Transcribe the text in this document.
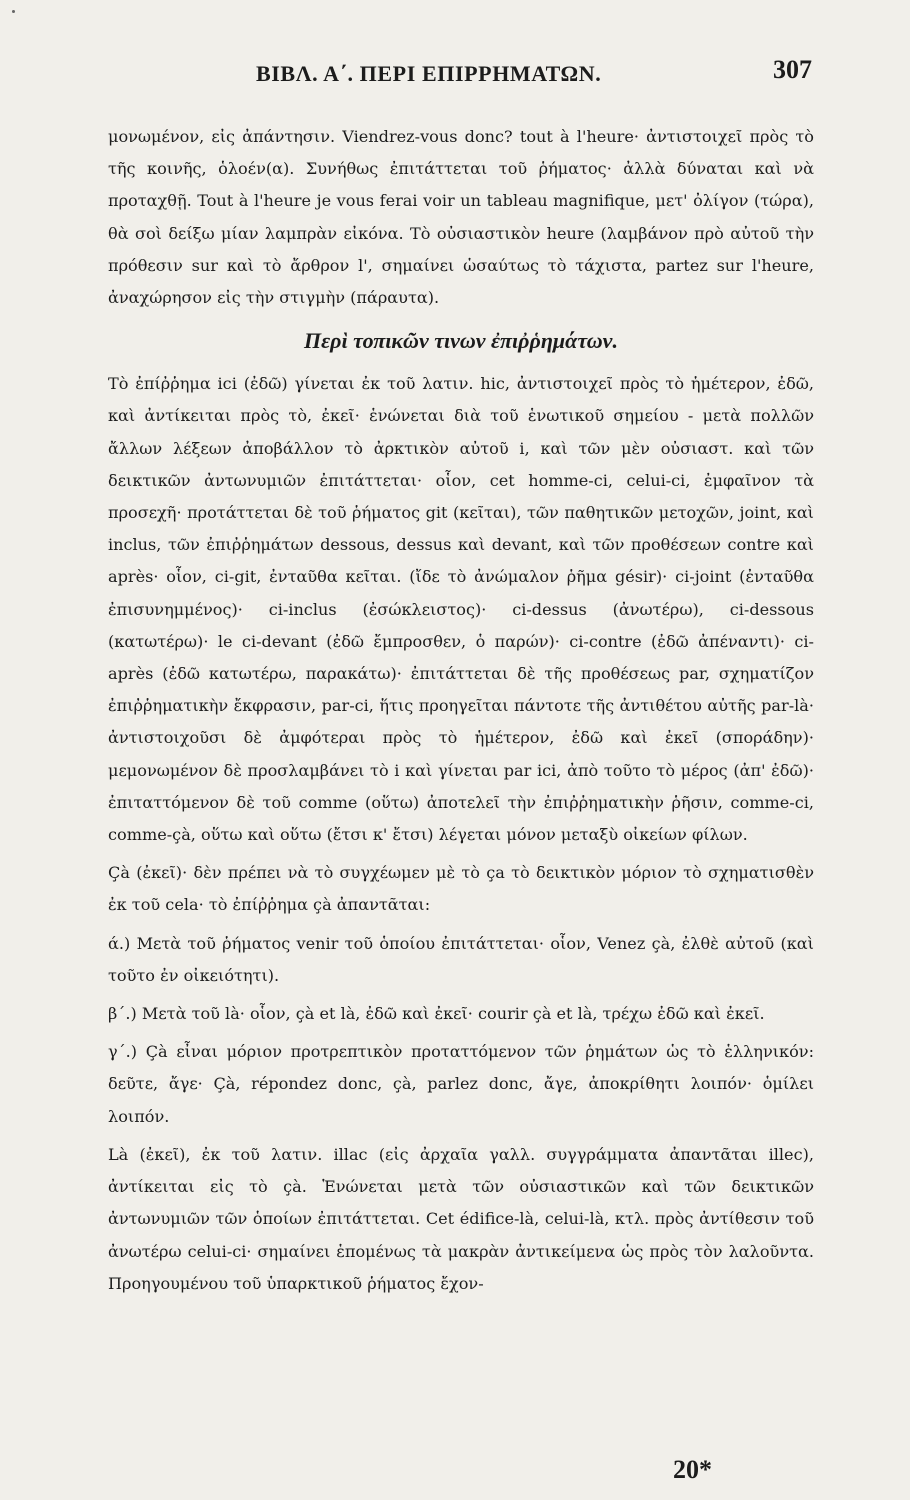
BIBΛ. Α΄. ΠΕΡΙ ΕΠΙΡΡΗΜΑΤΩΝ.	307

μονωμένον, εἰς ἀπάντησιν. Viendrez-vous donc? tout à l'heure· ἀντιστοιχεῖ πρὸς τὸ τῆς κοινῆς, ὁλοέν(α). Συνήθως ἐπιτάττεται τοῦ ῥήματος· ἀλλὰ δύναται καὶ νὰ προταχθῇ. Tout à l'heure je vous ferai voir un tableau magnifique, μετ' ὀλίγον (τώρα), θὰ σοὶ δείξω μίαν λαμπρὰν εἰκόνα. Τὸ οὐσιαστικὸν heure (λαμβάνον πρὸ αὐτοῦ τὴν πρόθεσιν sur καὶ τὸ ἄρθρον l', σημαίνει ὡσαύτως τὸ τάχιστα, partez sur l'heure, ἀναχώρησον εἰς τὴν στιγμὴν (πάραυτα).

Περὶ τοπικῶν τινων ἐπιῤῥημάτων.

Τὸ ἐπίῤῥημα ici (ἐδῶ) γίνεται ἐκ τοῦ λατιν. hic, ἀντιστοιχεῖ πρὸς τὸ ἡμέτερον, ἐδῶ, καὶ ἀντίκειται πρὸς τὸ, ἐκεῖ· ἑνώνεται διὰ τοῦ ἑνωτικοῦ σημείου - μετὰ πολλῶν ἄλλων λέξεων ἀποβάλλον τὸ ἀρκτικὸν αὐτοῦ i, καὶ τῶν μὲν οὐσιαστ. καὶ τῶν δεικτικῶν ἀντωνυμιῶν ἐπιτάττεται· οἷον, cet homme-ci, celui-ci, ἐμφαῖνον τὰ προσεχῆ· προτάττεται δὲ τοῦ ῥήματος git (κεῖται), τῶν παθητικῶν μετοχῶν, joint, καὶ inclus, τῶν ἐπιῤῥημάτων dessous, dessus καὶ devant, καὶ τῶν προθέσεων contre καὶ après· οἷον, ci-git, ἐνταῦθα κεῖται. (ἴδε τὸ ἀνώμαλον ῥῆμα gésir)· ci-joint (ἐνταῦθα ἐπισυνημμένος)· ci-inclus (ἐσώκλειστος)· ci-dessus (ἀνωτέρω), ci-dessous (κατωτέρω)· le ci-devant (ἐδῶ ἔμπροσθεν, ὁ παρών)· ci-contre (ἐδῶ ἀπέναντι)· ci-après (ἐδῶ κατωτέρω, παρακάτω)· ἐπιτάττεται δὲ τῆς προθέσεως par, σχηματίζον ἐπιῤῥηματικὴν ἔκφρασιν, par-ci, ἥτις προηγεῖται πάντοτε τῆς ἀντιθέτου αὐτῆς par-là· ἀντιστοιχοῦσι δὲ ἀμφότεραι πρὸς τὸ ἡμέτερον, ἐδῶ καὶ ἐκεῖ (σποράδην)· μεμονωμένον δὲ προσλαμβάνει τὸ i καὶ γίνεται par ici, ἀπὸ τοῦτο τὸ μέρος (ἀπ' ἐδῶ)· ἐπιταττόμενον δὲ τοῦ comme (οὕτω) ἀποτελεῖ τὴν ἐπιῤῥηματικὴν ῥῆσιν, comme-ci, comme-çà, οὕτω καὶ οὕτω (ἔτσι κ' ἔτσι) λέγεται μόνον μεταξὺ οἰκείων φίλων.

Çà (ἐκεῖ)· δὲν πρέπει νὰ τὸ συγχέωμεν μὲ τὸ ça τὸ δεικτικὸν μόριον τὸ σχηματισθὲν ἐκ τοῦ cela· τὸ ἐπίῤῥημα çà ἀπαντᾶται:

ά.) Μετὰ τοῦ ῥήματος venir τοῦ ὁποίου ἐπιτάττεται· οἷον, Venez çà, ἐλθὲ αὐτοῦ (καὶ τοῦτο ἐν οἰκειότητι).

β΄.) Μετὰ τοῦ là· οἷον, çà et là, ἐδῶ καὶ ἐκεῖ· courir çà et là, τρέχω ἐδῶ καὶ ἐκεῖ.

γ΄.) Çà εἶναι μόριον προτρεπτικὸν προταττόμενον τῶν ῥημάτων ὡς τὸ ἑλληνικόν: δεῦτε, ἄγε· Çà, répondez donc, çà, parlez donc, ἄγε, ἀποκρίθητι λοιπόν· ὁμίλει λοιπόν.

Là (ἐκεῖ), ἐκ τοῦ λατιν. illac (εἰς ἀρχαῖα γαλλ. συγγράμματα ἀπαντᾶται illec), ἀντίκειται εἰς τὸ çà. Ἑνώνεται μετὰ τῶν οὐσιαστικῶν καὶ τῶν δεικτικῶν ἀντωνυμιῶν τῶν ὁποίων ἐπιτάττεται. Cet édifice-là, celui-là, κτλ. πρὸς ἀντίθεσιν τοῦ ἀνωτέρω celui-ci· σημαίνει ἑπομένως τὰ μακρὰν ἀντικείμενα ὡς πρὸς τὸν λαλοῦντα. Προηγουμένου τοῦ ὑπαρκτικοῦ ῥήματος ἔχον-

20*
